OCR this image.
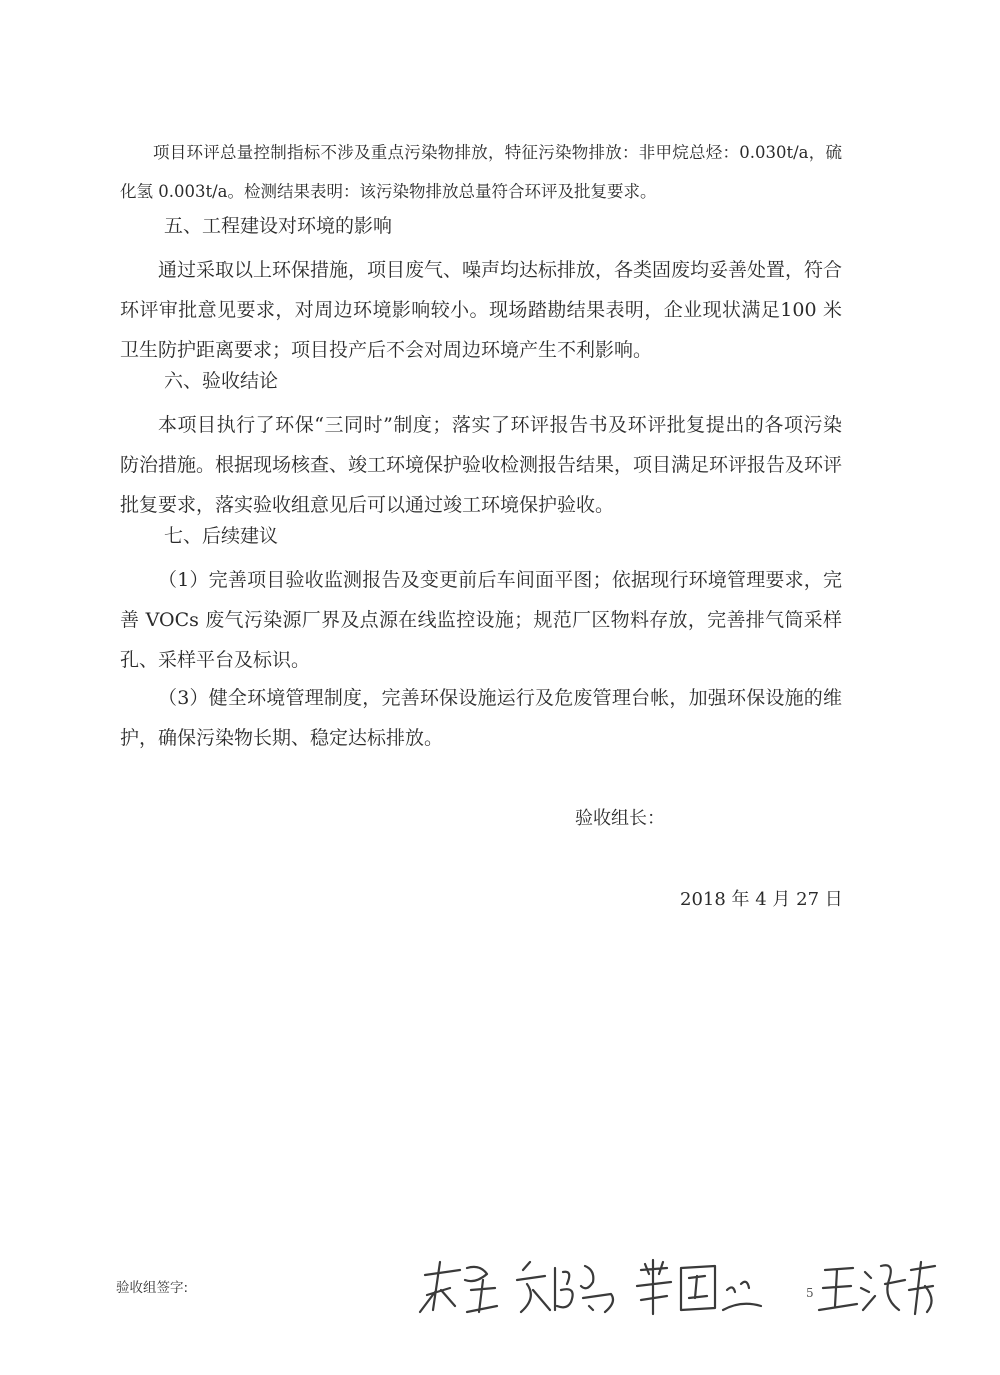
项目环评总量控制指标不涉及重点污染物排放，特征污染物排放：非甲烷总烃：0.030t/a，硫化氢 0.003t/a。检测结果表明：该污染物排放总量符合环评及批复要求。

五、工程建设对环境的影响

通过采取以上环保措施，项目废气、噪声均达标排放，各类固废均妥善处置，符合环评审批意见要求，对周边环境影响较小。现场踏勘结果表明，企业现状满足100 米卫生防护距离要求；项目投产后不会对周边环境产生不利影响。

六、验收结论

本项目执行了环保“三同时”制度；落实了环评报告书及环评批复提出的各项污染防治措施。根据现场核查、竣工环境保护验收检测报告结果，项目满足环评报告及环评批复要求，落实验收组意见后可以通过竣工环境保护验收。

七、后续建议

（1）完善项目验收监测报告及变更前后车间面平图；依据现行环境管理要求，完善 VOCs 废气污染源厂界及点源在线监控设施；规范厂区物料存放，完善排气筒采样孔、采样平台及标识。

（3）健全环境管理制度，完善环保设施运行及危废管理台帐，加强环保设施的维护，确保污染物长期、稳定达标排放。

验收组长：

2018 年 4 月 27 日

验收组签字:	5
